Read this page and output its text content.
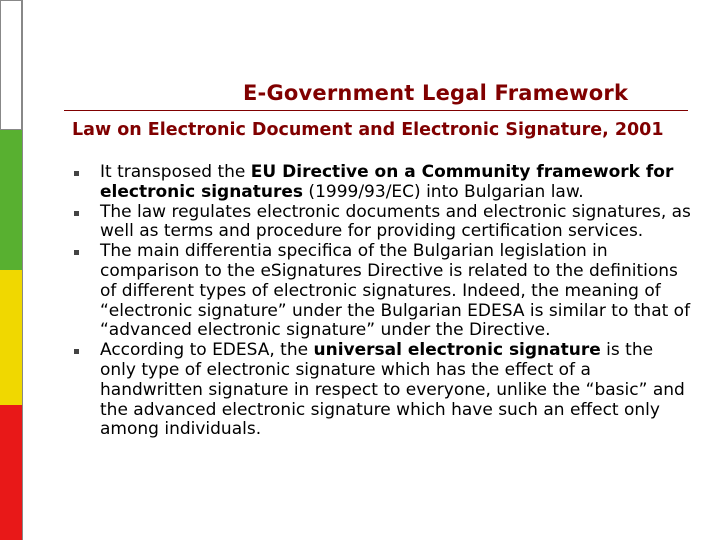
E-Government Legal Framework
Law on Electronic Document and Electronic Signature, 2001
It transposed the EU Directive on a Community framework for electronic signatures (1999/93/EC) into Bulgarian law.
The law regulates electronic documents and electronic signatures, as well as terms and procedure for providing certification services.
The main differentia specifica of the Bulgarian legislation in comparison to the eSignatures Directive is related to the definitions of different types of electronic signatures. Indeed, the meaning of “electronic signature” under the Bulgarian EDESA is similar to that of “advanced electronic signature” under the Directive.
According to EDESA, the universal electronic signature is the only type of electronic signature which has the effect of a handwritten signature in respect to everyone, unlike the “basic” and the advanced electronic signature which have such an effect only among individuals.
